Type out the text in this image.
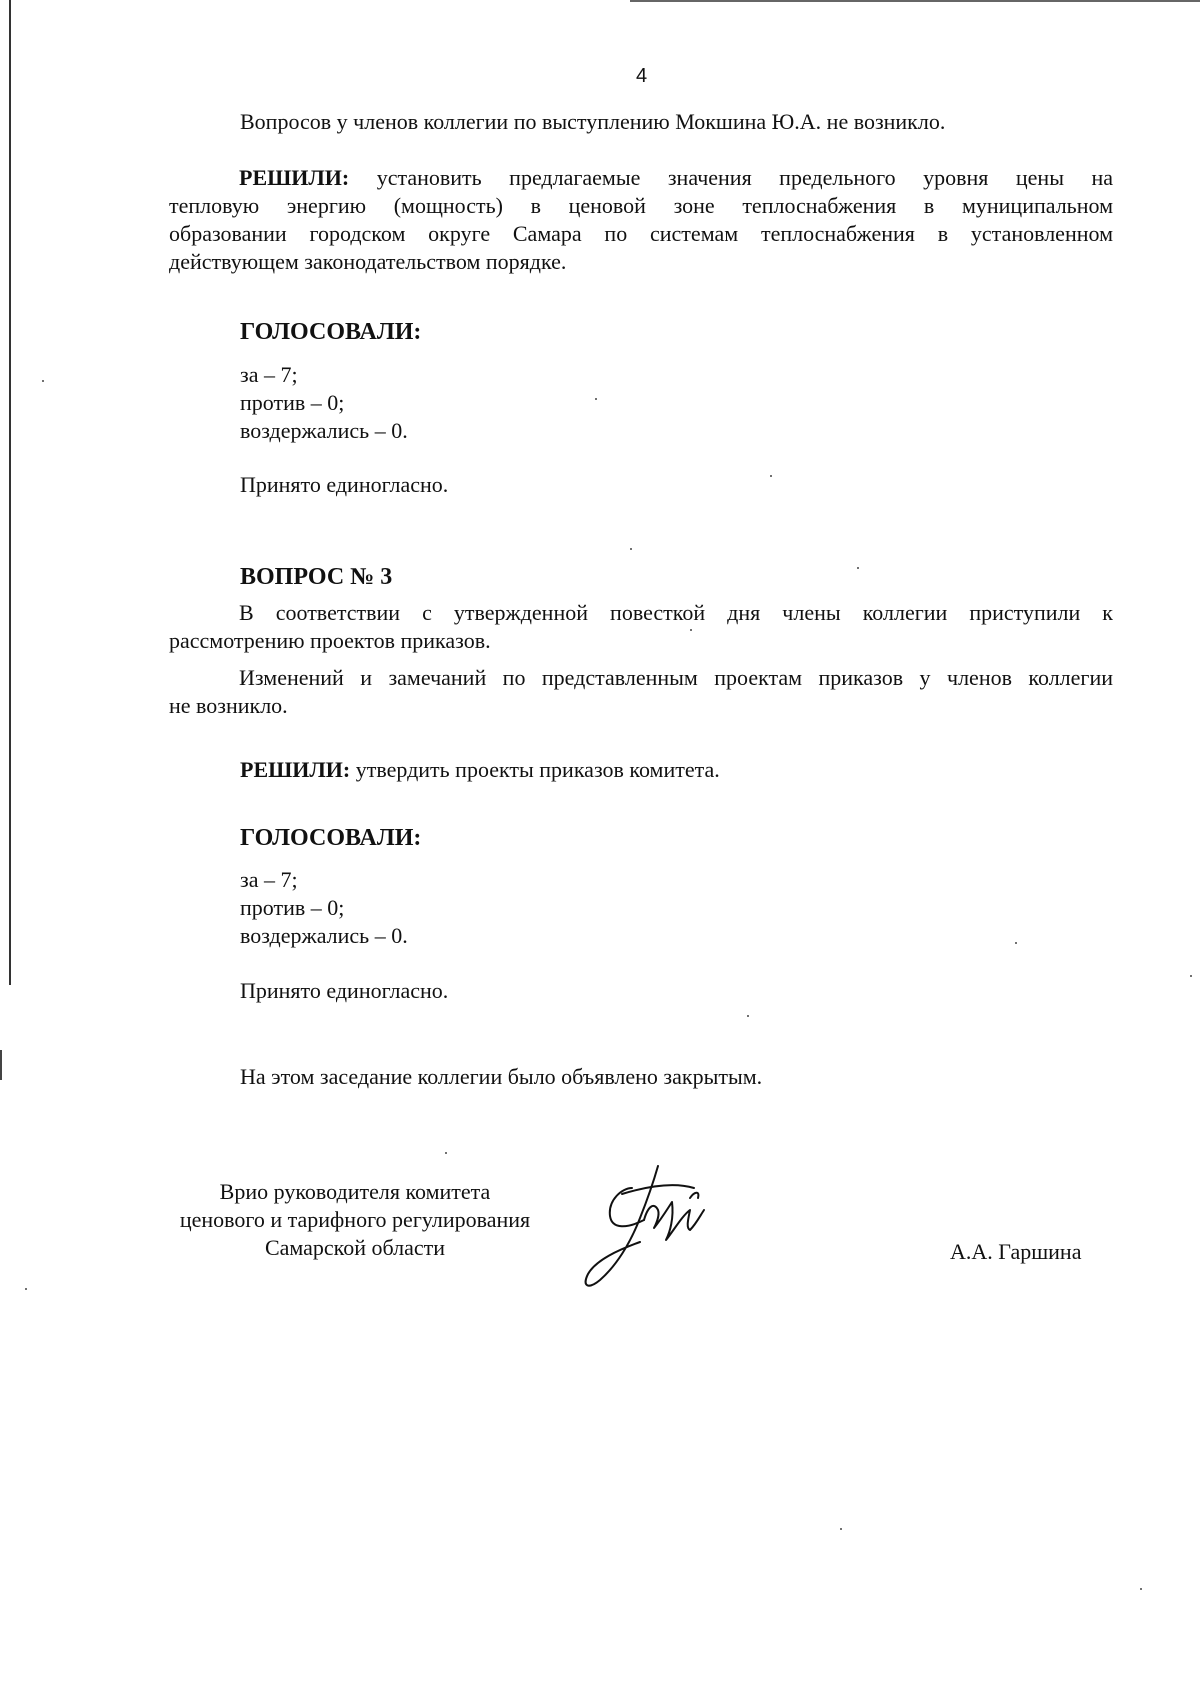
4

Вопросов у членов коллегии по выступлению Мокшина Ю.А. не возникло.

РЕШИЛИ: установить предлагаемые значения предельного уровня цены на
тепловую энергию (мощность) в ценовой зоне теплоснабжения в муниципальном
образовании городском округе Самара по системам теплоснабжения в установленном
действующем законодательством порядке.

ГОЛОСОВАЛИ:

за – 7;
против – 0;
воздержались – 0.

Принято единогласно.

ВОПРОС № 3

В соответствии с утвержденной повесткой дня члены коллегии приступили к
рассмотрению проектов приказов.
Изменений и замечаний по представленным проектам приказов у членов коллегии
не возникло.

РЕШИЛИ: утвердить проекты приказов комитета.

ГОЛОСОВАЛИ:

за – 7;
против – 0;
воздержались – 0.

Принято единогласно.

На этом заседание коллегии было объявлено закрытым.

Врио руководителя комитета
ценового и тарифного регулирования
Самарской области	А.А. Гаршина
